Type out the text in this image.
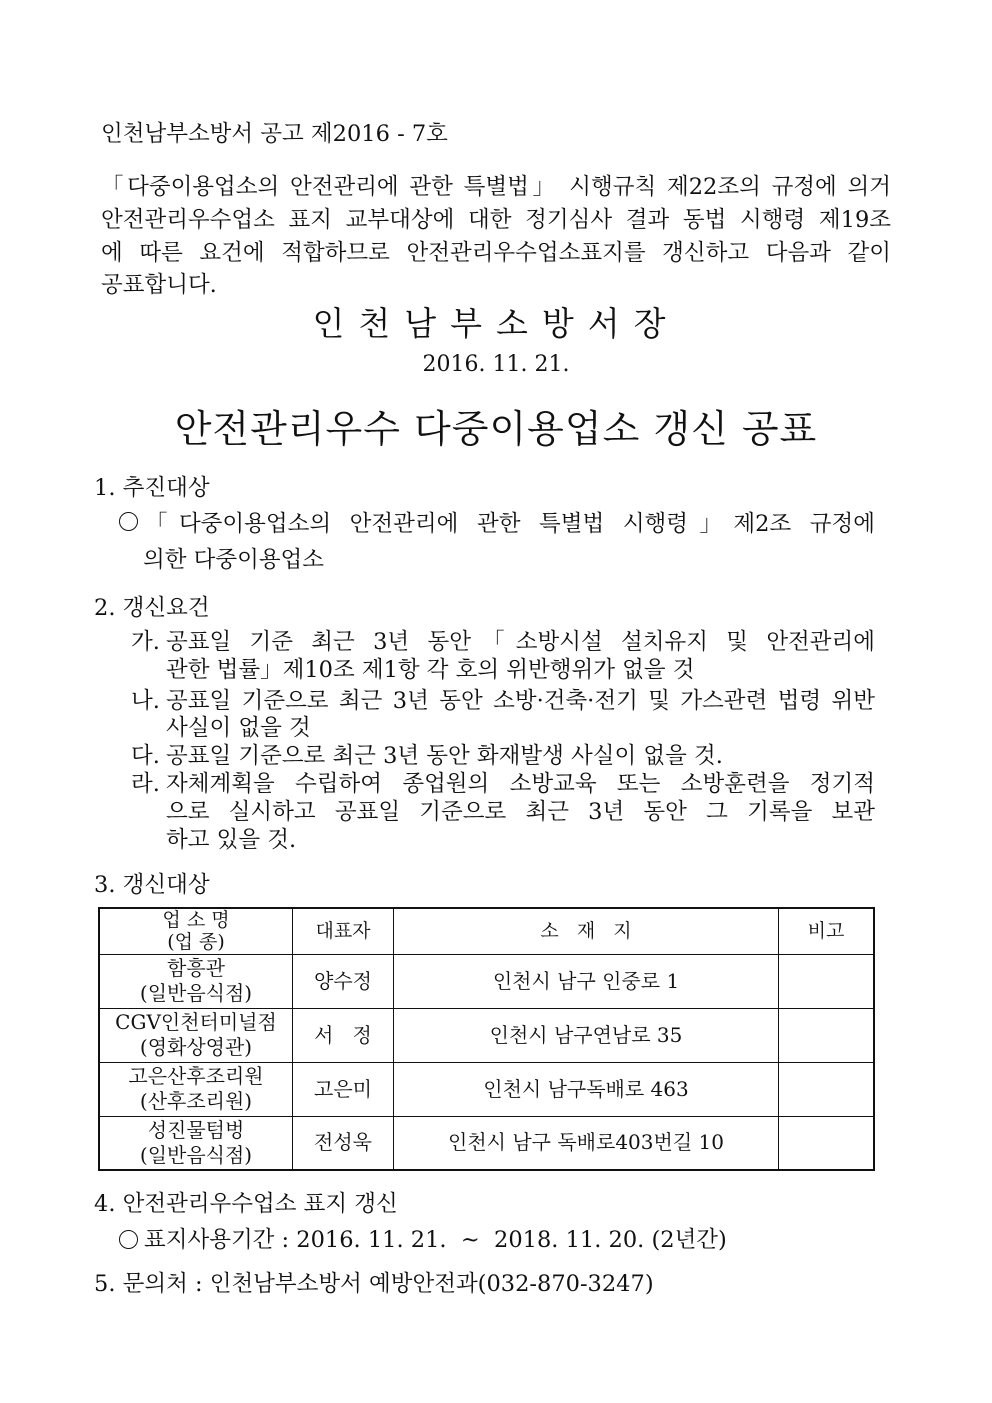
인천남부소방서 공고 제2016 - 7호
「다중이용업소의 안전관리에 관한 특별법」 시행규칙 제22조의 규정에 의거
안전관리우수업소 표지 교부대상에 대한 정기심사 결과 동법 시행령 제19조
에 따른 요건에 적합하므로 안전관리우수업소표지를 갱신하고 다음과 같이
공표합니다.
인천남부소방서장
2016. 11. 21.
안전관리우수 다중이용업소 갱신 공표
1. 추진대상
「다중이용업소의 안전관리에 관한 특별법 시행령」제2조 규정에
의한 다중이용업소
2. 갱신요건
가. 공표일 기준 최근 3년 동안「소방시설 설치유지 및 안전관리에
관한 법률」제10조 제1항 각 호의 위반행위가 없을 것
나. 공표일 기준으로 최근 3년 동안 소방·건축·전기 및 가스관련 법령 위반
사실이 없을 것
다. 공표일 기준으로 최근 3년 동안 화재발생 사실이 없을 것.
라. 자체계획을 수립하여 종업원의 소방교육 또는 소방훈련을 정기적
으로 실시하고 공표일 기준으로 최근 3년 동안 그 기록을 보관
하고 있을 것.
3. 갱신대상
업 소 명
(업 종)	대표자	소   재   지	비고

함흥관
(일반음식점)	양수정	인천시 남구 인중로 1	

CGV인천터미널점
(영화상영관)	서   정	인천시 남구연남로 35	

고은산후조리원
(산후조리원)	고은미	인천시 남구독배로 463	

성진물텀벙
(일반음식점)	전성욱	인천시 남구 독배로403번길 10	
4. 안전관리우수업소 표지 갱신
표지사용기간 : 2016. 11. 21.  ~  2018. 11. 20. (2년간)
5. 문의처 : 인천남부소방서 예방안전과(032-870-3247)
